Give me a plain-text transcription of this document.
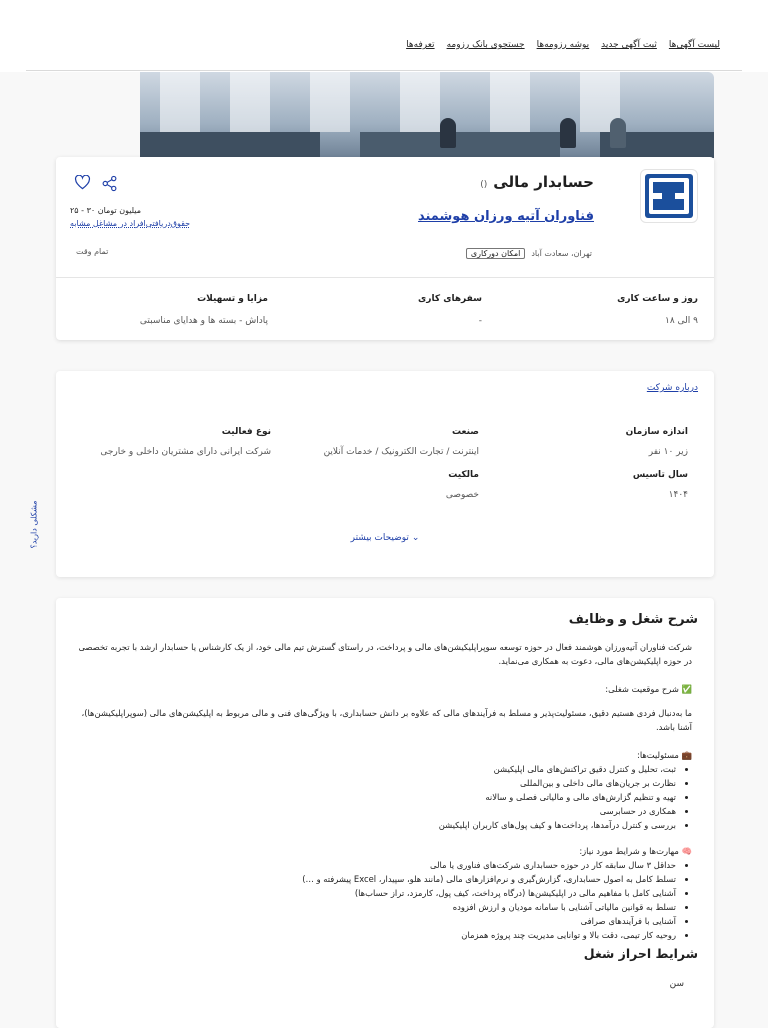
لیست آگهی‌ها
ثبت آگهی جدید
بوشه رزومه‌ها
جستجوی بانک رزومه
تعرفه‌ها
حسابدار مالی()
فناوران آتیه ورزان هوشمند
تهران، سعادت آباد
امکان دورکاری
۲۵ - ۳۰ میلیون تومان
حقوق‌دریافتی‌افراد در مشاغل مشابه
تمام وقت
روز و ساعت کاری
۹ الی ۱۸
سفرهای کاری
-
مزایا و تسهیلات
پاداش - بسته ها و هدایای مناسبتی
درباره شرکت
اندازه سازمان
زیر ۱۰ نفر
صنعت
اینترنت / تجارت الکترونیک / خدمات آنلاین
نوع فعالیت
شرکت ایرانی دارای مشتریان داخلی و خارجی
سال تاسیس
۱۴۰۴
مالکیت
خصوصی
توضیحات بیشتر ⌄
مشکلی دارید؟
شرح شغل و وظایف

شرکت فناوران آتیه‌ورزان هوشمند فعال در حوزه توسعه سوپراپلیکیشن‌های مالی و پرداخت، در راستای گسترش تیم مالی خود، از یک کارشناس یا حسابدار ارشد با تجربه تخصصی در حوزه اپلیکیشن‌های مالی، دعوت به همکاری می‌نماید.

✅ شرح موقعیت شغلی:

ما به‌دنبال فردی هستیم دقیق، مسئولیت‌پذیر و مسلط به فرآیندهای مالی که علاوه بر دانش حسابداری، با ویژگی‌های فنی و مالی مربوط به اپلیکیشن‌های مالی (سوپراپلیکیشن‌ها)، آشنا باشد.

💼 مسئولیت‌ها:

• ثبت، تحلیل و کنترل دقیق تراکنش‌های مالی اپلیکیشن
• نظارت بر جریان‌های مالی داخلی و بین‌المللی
• تهیه و تنظیم گزارش‌های مالی و مالیاتی فصلی و سالانه
• همکاری در حسابرسی
• بررسی و کنترل درآمدها، پرداخت‌ها و کیف پول‌های کاربران اپلیکیشن

🧠 مهارت‌ها و شرایط مورد نیاز:

• حداقل ۳ سال سابقه کار در حوزه حسابداری شرکت‌های فناوری یا مالی
• تسلط کامل به اصول حسابداری، گزارش‌گیری و نرم‌افزارهای مالی (مانند هلو، سپیدار، Excel پیشرفته و …)
• آشنایی کامل با مفاهیم مالی در اپلیکیشن‌ها (درگاه پرداخت، کیف پول، کارمزد، تراز حساب‌ها)
• تسلط به قوانین مالیاتی آشنایی با سامانه مودیان و ارزش افزوده
• آشنایی با فرآیندهای صرافی
• روحیه کار تیمی، دقت بالا و توانایی مدیریت چند پروژه همزمان
شرایط احراز شغل
سن
